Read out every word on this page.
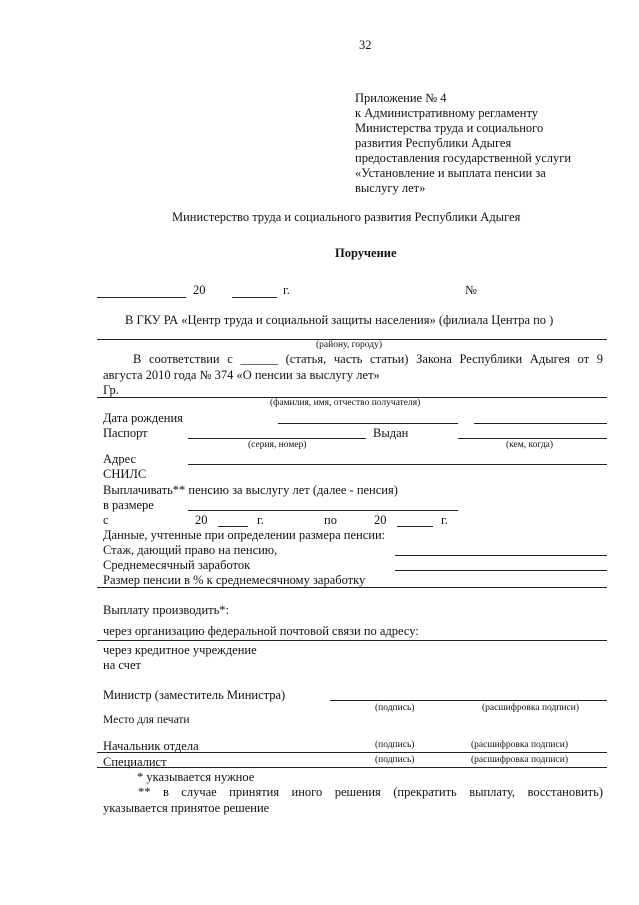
32
Приложение № 4
к Административному регламенту
Министерства труда и социального
развития Республики Адыгея
предоставления государственной услуги
«Установление и выплата пенсии за
выслугу лет»
Министерство труда и социального развития Республики Адыгея
Поручение
20	г.	№
В ГКУ РА «Центр труда и социальной защиты населения» (филиала Центра по )
(району, городу)
В соответствии с ______ (статья, часть статьи) Закона Республики Адыгея от 9
августа 2010 года № 374 «О пенсии за выслугу лет»
Гр.
(фамилия, имя, отчество получателя)
Дата рождения
Паспорт	Выдан
(серия, номер)	(кем, когда)
Адрес
СНИЛС
Выплачивать** пенсию за выслугу лет (далее - пенсия)
в размере
с	20	г.	по	20	г.
Данные, учтенные при определении размера пенсии:
Стаж, дающий право на пенсию,
Среднемесячный заработок
Размер пенсии в % к среднемесячному заработку
Выплату производить*:
через организацию федеральной почтовой связи по адресу:
через кредитное учреждение
на счет
Министр (заместитель Министра)
(подпись)	(расшифровка подписи)
Место для печати
Начальник отдела	(подпись)	(расшифровка подписи)
Специалист	(подпись)	(расшифровка подписи)
* указывается нужное
** в случае принятия иного решения (прекратить выплату, восстановить)
указывается принятое решение
